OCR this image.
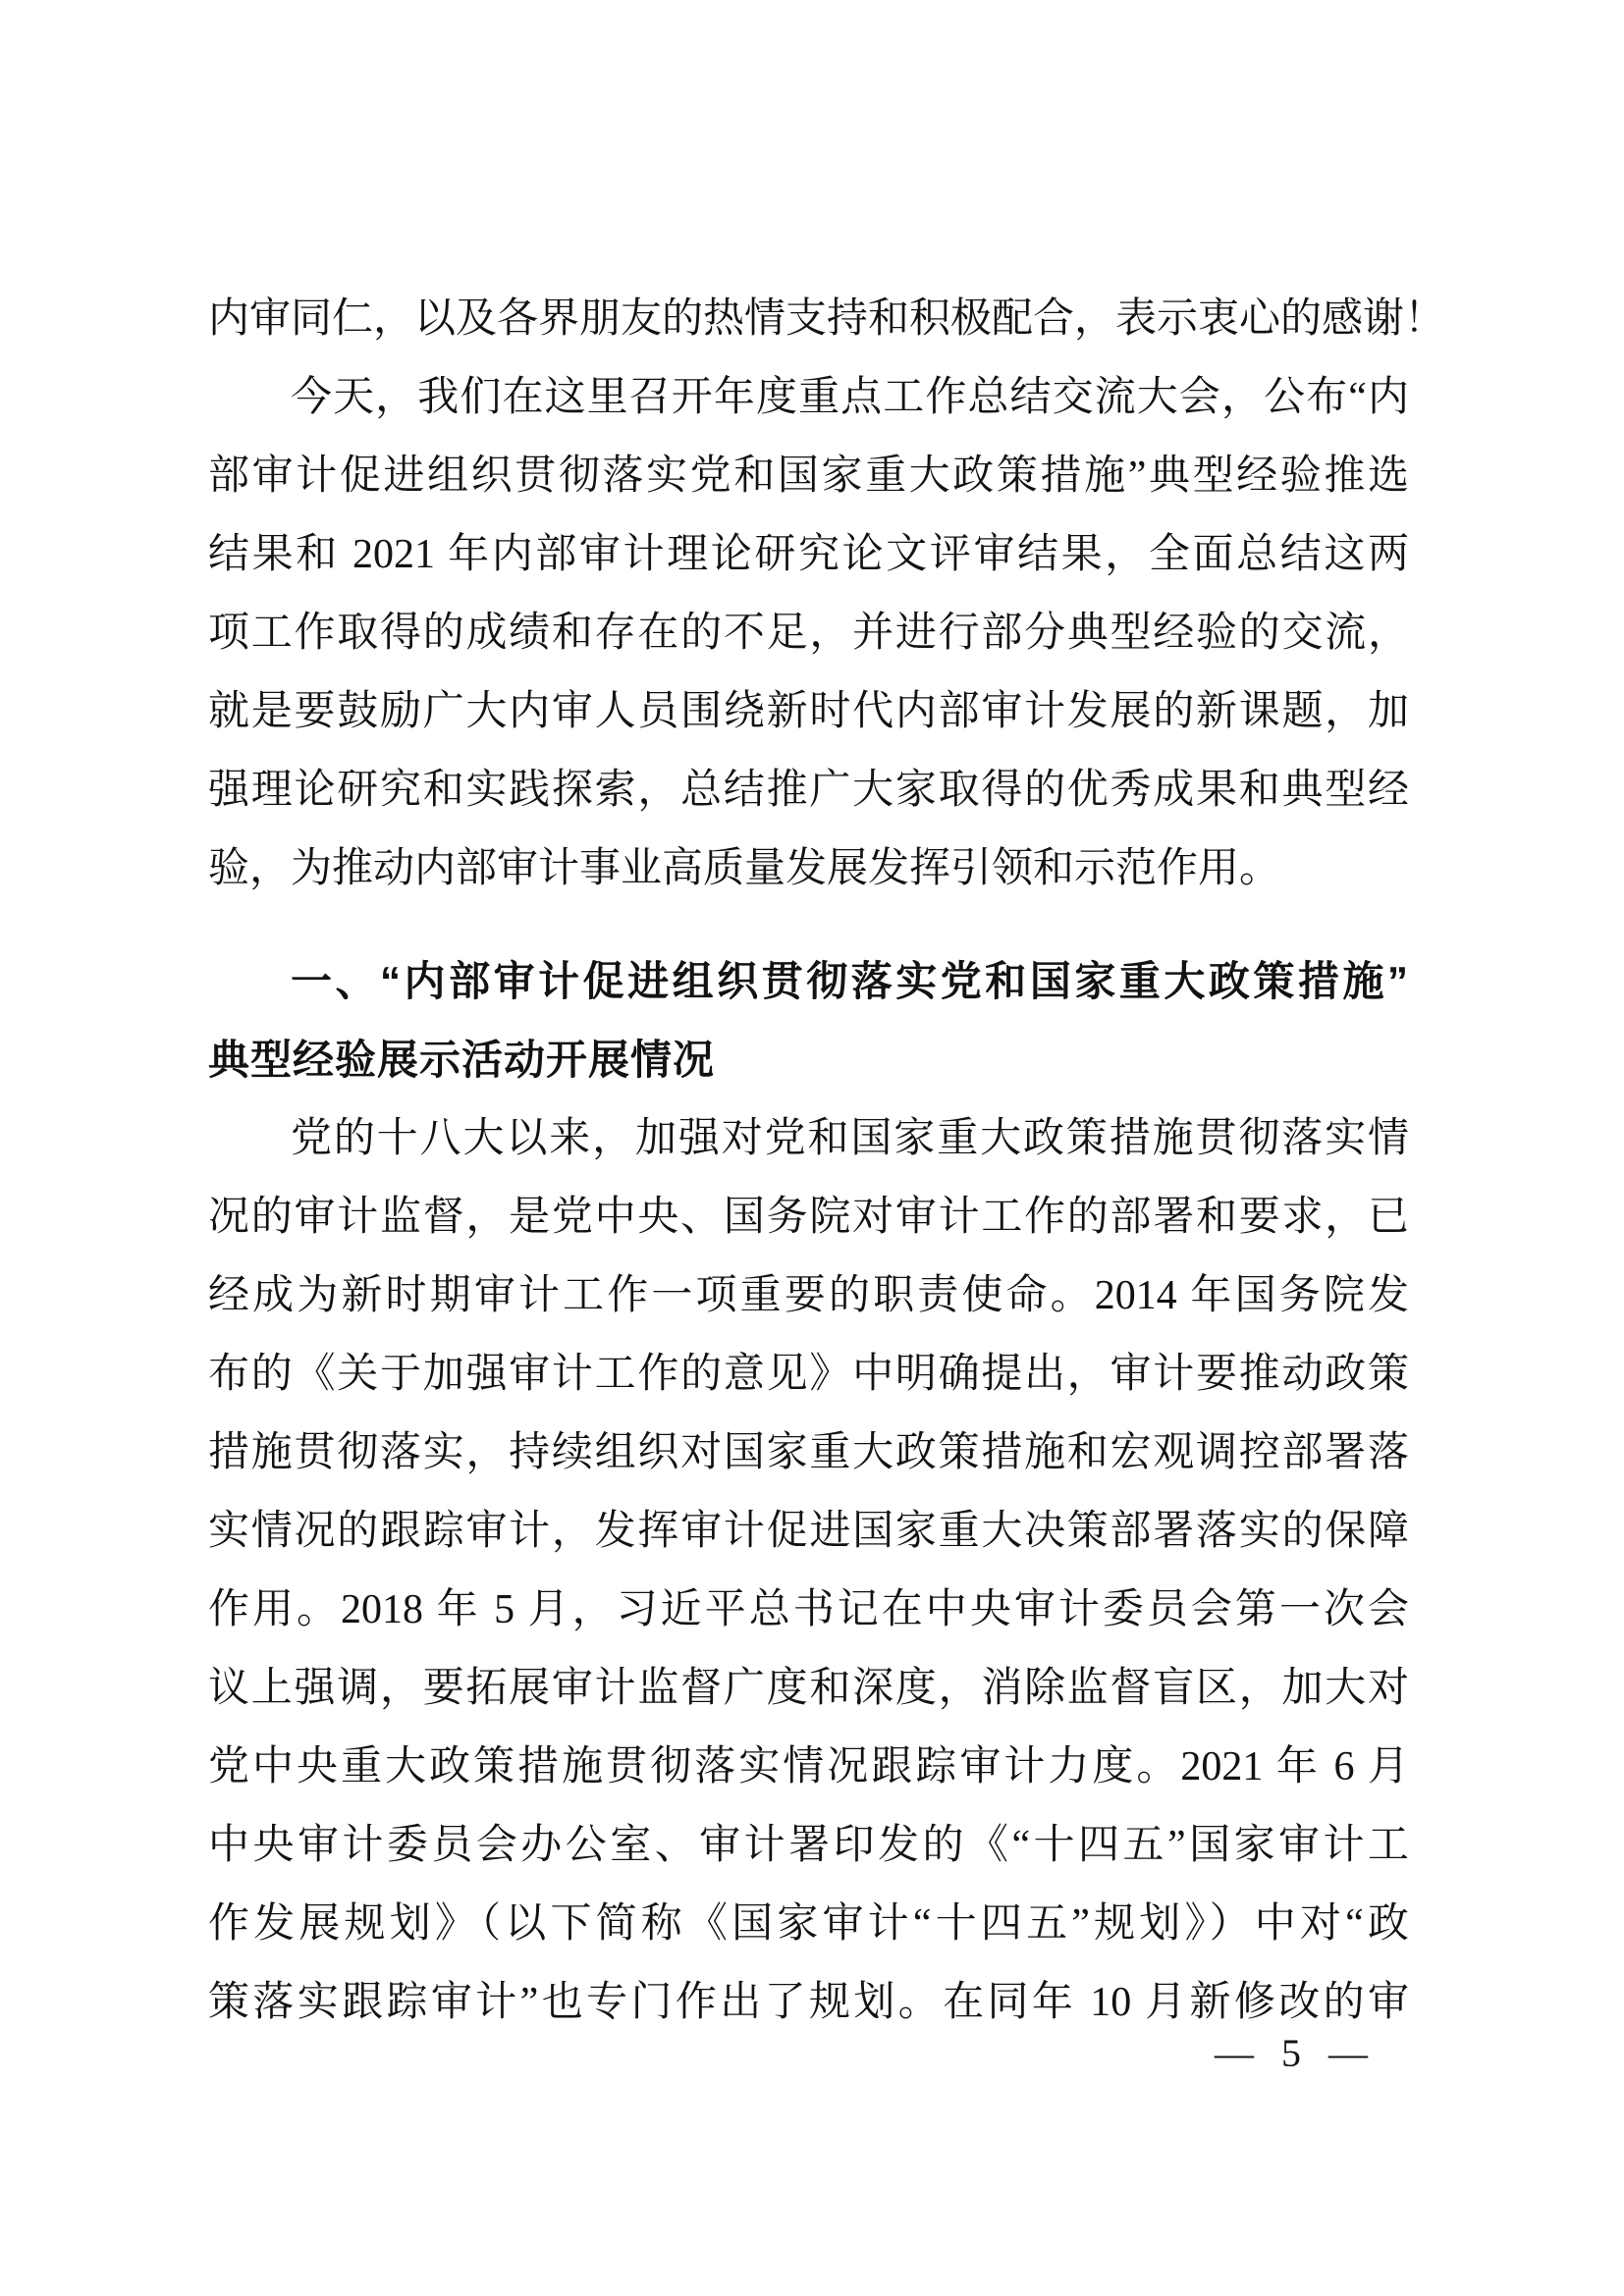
内审同仁，以及各界朋友的热情支持和积极配合，表示衷心的感谢！
今天，我们在这里召开年度重点工作总结交流大会，公布“内
部审计促进组织贯彻落实党和国家重大政策措施”典型经验推选
结果和 2021 年内部审计理论研究论文评审结果，全面总结这两
项工作取得的成绩和存在的不足，并进行部分典型经验的交流，
就是要鼓励广大内审人员围绕新时代内部审计发展的新课题，加
强理论研究和实践探索，总结推广大家取得的优秀成果和典型经
验，为推动内部审计事业高质量发展发挥引领和示范作用。
一、“内部审计促进组织贯彻落实党和国家重大政策措施”
典型经验展示活动开展情况
党的十八大以来，加强对党和国家重大政策措施贯彻落实情
况的审计监督，是党中央、国务院对审计工作的部署和要求，已
经成为新时期审计工作一项重要的职责使命。2014 年国务院发
布的《关于加强审计工作的意见》中明确提出，审计要推动政策
措施贯彻落实，持续组织对国家重大政策措施和宏观调控部署落
实情况的跟踪审计，发挥审计促进国家重大决策部署落实的保障
作用。2018 年 5 月，习近平总书记在中央审计委员会第一次会
议上强调，要拓展审计监督广度和深度，消除监督盲区，加大对
党中央重大政策措施贯彻落实情况跟踪审计力度。2021 年 6 月
中央审计委员会办公室、审计署印发的《“十四五”国家审计工
作发展规划》（以下简称《国家审计“十四五”规划》）中对“政
策落实跟踪审计”也专门作出了规划。在同年 10 月新修改的审
— 5 —
